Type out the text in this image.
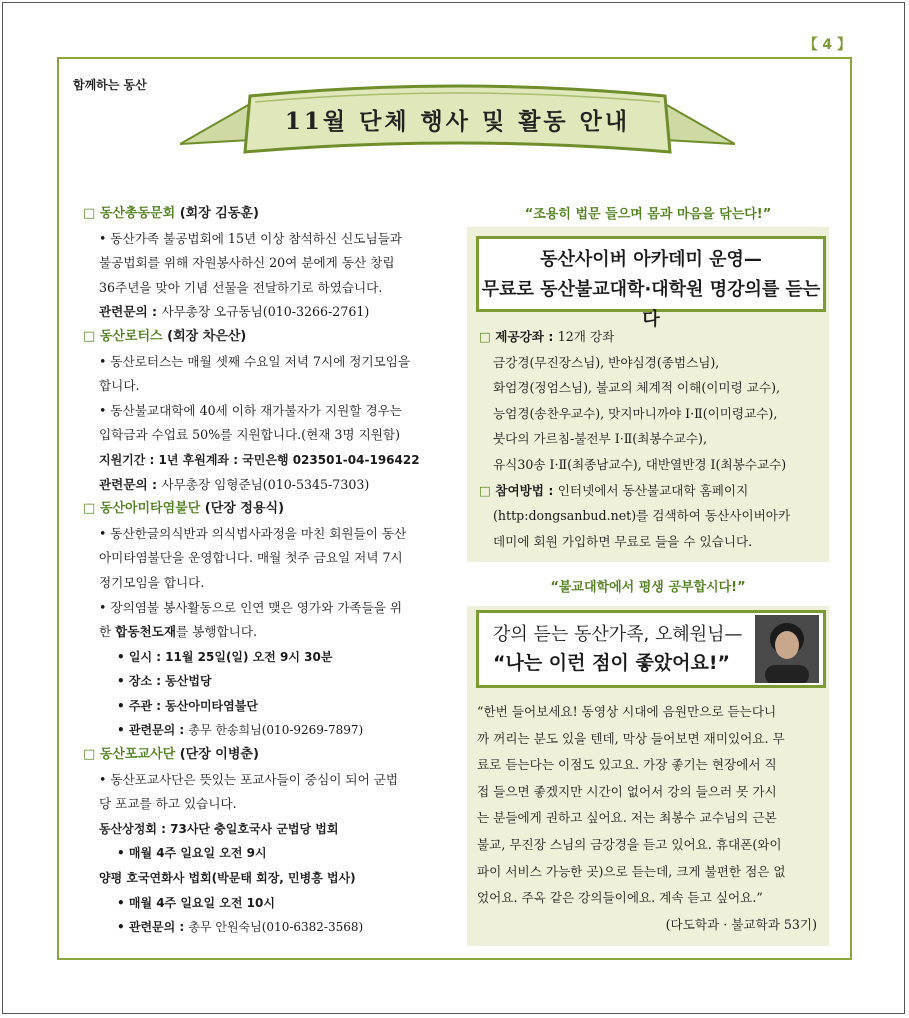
【 4 】
함께하는 동산
11월 단체 행사 및 활동 안내

□ 동산총동문회 (회장 김동훈)

• 동산가족 불공법회에 15년 이상 참석하신 신도님들과

불공법회를 위해 자원봉사하신 20여 분에게 동산 창립

36주년을 맞아 기념 선물을 전달하기로 하였습니다.

관련문의 : 사무총장 오규동님(010-3266-2761)

□ 동산로터스 (회장 차은산)

• 동산로터스는 매월 셋째 수요일 저녁 7시에 정기모임을

합니다.

• 동산불교대학에 40세 이하 재가불자가 지원할 경우는

입학금과 수업료 50%를 지원합니다.(현재 3명 지원함)

지원기간 : 1년 후원계좌 : 국민은행 023501-04-196422

관련문의 : 사무총장 임형준님(010-5345-7303)

□ 동산아미타염불단 (단장 정용식)

• 동산한글의식반과 의식법사과정을 마친 회원들이 동산

아미타염불단을 운영합니다. 매월 첫주 금요일 저녁 7시

정기모임을 합니다.

• 장의염불 봉사활동으로 인연 맺은 영가와 가족들을 위

한 합동천도재를 봉행합니다.

• 일시 : 11월 25일(일) 오전 9시 30분

• 장소 : 동산법당

• 주관 : 동산아미타염불단

• 관련문의 : 총무 한송희님(010-9269-7897)

□ 동산포교사단 (단장 이병춘)

• 동산포교사단은 뜻있는 포교사들이 중심이 되어 군법

당 포교를 하고 있습니다.

동산상정회 : 73사단 충일호국사 군법당 법회

• 매월 4주 일요일 오전 9시

양평 호국연화사 법회(박문태 회장, 민병흥 법사)

• 매월 4주 일요일 오전 10시

• 관련문의 : 총무 안원숙님(010-6382-3568)

“조용히 법문 들으며 몸과 마음을 닦는다!”
동산사이버 아카데미 운영—
무료로 동산불교대학·대학원 명강의를 듣는다

□ 제공강좌 : 12개 강좌

금강경(무진장스님), 반야심경(종범스님),

화엄경(정엄스님), 불교의 체계적 이해(이미령 교수),

능엄경(송찬우교수), 맛지마니까야 Ⅰ·Ⅱ(이미령교수),

붓다의 가르침-불전부 Ⅰ·Ⅱ(최봉수교수),

유식30송 Ⅰ·Ⅱ(최종남교수), 대반열반경 Ⅰ(최봉수교수)

□ 참여방법 : 인터넷에서 동산불교대학 홈페이지

(http:dongsanbud.net)를 검색하여 동산사이버아카

데미에 회원 가입하면 무료로 들을 수 있습니다.

“불교대학에서 평생 공부합시다!”
강의 듣는 동산가족, 오혜원님—
“나는 이런 점이 좋았어요!”

“한번 들어보세요! 동영상 시대에 음원만으로 듣는다니

까 꺼리는 분도 있을 텐데, 막상 들어보면 재미있어요. 무

료로 듣는다는 이점도 있고요. 가장 좋기는 현장에서 직

접 들으면 좋겠지만 시간이 없어서 강의 들으러 못 가시

는 분들에게 권하고 싶어요. 저는 최봉수 교수님의 근본

불교, 무진장 스님의 금강경을 듣고 있어요. 휴대폰(와이

파이 서비스 가능한 곳)으로 듣는데, 크게 불편한 점은 없

었어요. 주옥 같은 강의들이에요. 계속 듣고 싶어요.”

(다도학과 · 불교학과 53기)
